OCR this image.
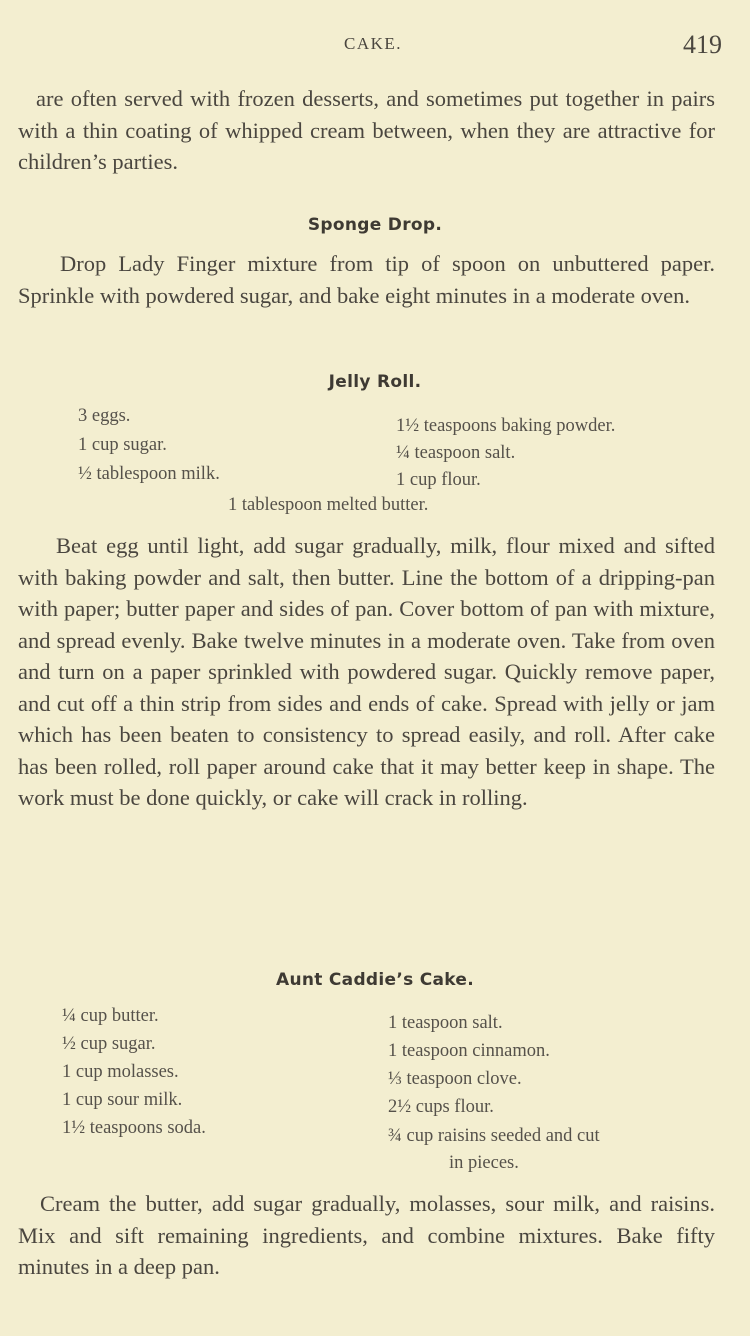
CAKE.	419

are often served with frozen desserts, and sometimes put together in pairs with a thin coating of whipped cream between, when they are attractive for children’s parties.

Sponge Drop.

Drop Lady Finger mixture from tip of spoon on unbuttered paper. Sprinkle with powdered sugar, and bake eight minutes in a moderate oven.

Jelly Roll.
3 eggs.
1 cup sugar.
½ tablespoon milk.
1½ teaspoons baking powder.
¼ teaspoon salt.
1 cup flour.
1 tablespoon melted butter.

Beat egg until light, add sugar gradually, milk, flour mixed and sifted with baking powder and salt, then butter. Line the bottom of a dripping-pan with paper; butter paper and sides of pan. Cover bottom of pan with mixture, and spread evenly. Bake twelve minutes in a moderate oven. Take from oven and turn on a paper sprinkled with powdered sugar. Quickly remove paper, and cut off a thin strip from sides and ends of cake. Spread with jelly or jam which has been beaten to consistency to spread easily, and roll. After cake has been rolled, roll paper around cake that it may better keep in shape. The work must be done quickly, or cake will crack in rolling.

Aunt Caddie’s Cake.
¼ cup butter.
½ cup sugar.
1 cup molasses.
1 cup sour milk.
1½ teaspoons soda.
1 teaspoon salt.
1 teaspoon cinnamon.
⅓ teaspoon clove.
2½ cups flour.
¾ cup raisins seeded and cut
in pieces.

Cream the butter, add sugar gradually, molasses, sour milk, and raisins. Mix and sift remaining ingredients, and combine mixtures. Bake fifty minutes in a deep pan.
